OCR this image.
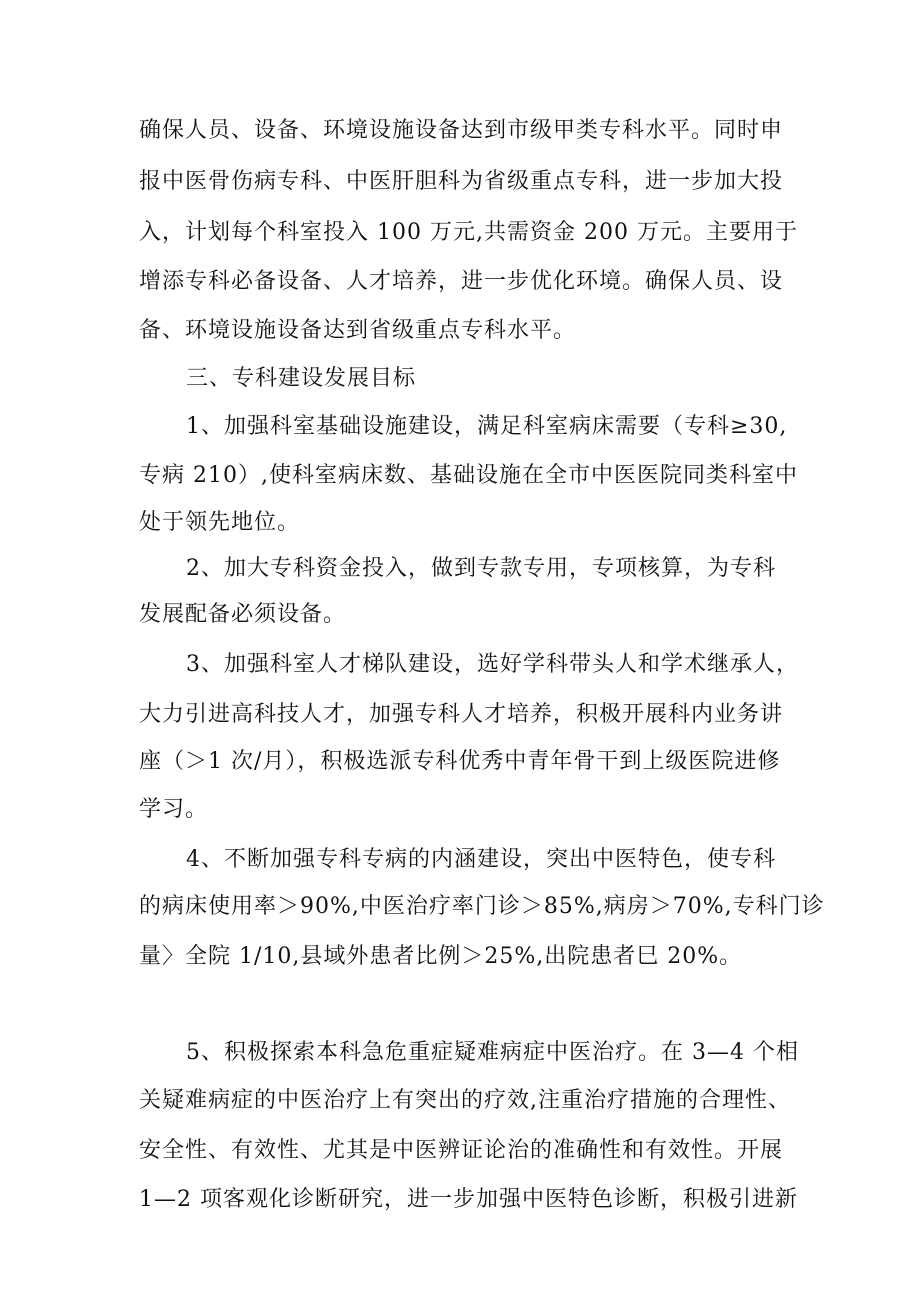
确保人员、设备、环境设施设备达到市级甲类专科水平。同时申
报中医骨伤病专科、中医肝胆科为省级重点专科，进一步加大投
入，计划每个科室投入 100 万元,共需资金 200 万元。主要用于
增添专科必备设备、人才培养，进一步优化环境。确保人员、设
备、环境设施设备达到省级重点专科水平。
三、专科建设发展目标
1、加强科室基础设施建设，满足科室病床需要（专科≥30,
专病 210）,使科室病床数、基础设施在全市中医医院同类科室中
处于领先地位。
2、加大专科资金投入，做到专款专用，专项核算，为专科
发展配备必须设备。
3、加强科室人才梯队建设，选好学科带头人和学术继承人，
大力引进高科技人才，加强专科人才培养，积极开展科内业务讲
座（＞1 次/月），积极选派专科优秀中青年骨干到上级医院进修
学习。
4、不断加强专科专病的内涵建设，突出中医特色，使专科
的病床使用率＞90%,中医治疗率门诊＞85%,病房＞70%,专科门诊
量〉全院 1/10,县域外患者比例＞25%,出院患者巳 20%。
5、积极探索本科急危重症疑难病症中医治疗。在 3—4 个相
关疑难病症的中医治疗上有突出的疗效,注重治疗措施的合理性、
安全性、有效性、尤其是中医辨证论治的准确性和有效性。开展
1—2 项客观化诊断研究，进一步加强中医特色诊断，积极引进新
